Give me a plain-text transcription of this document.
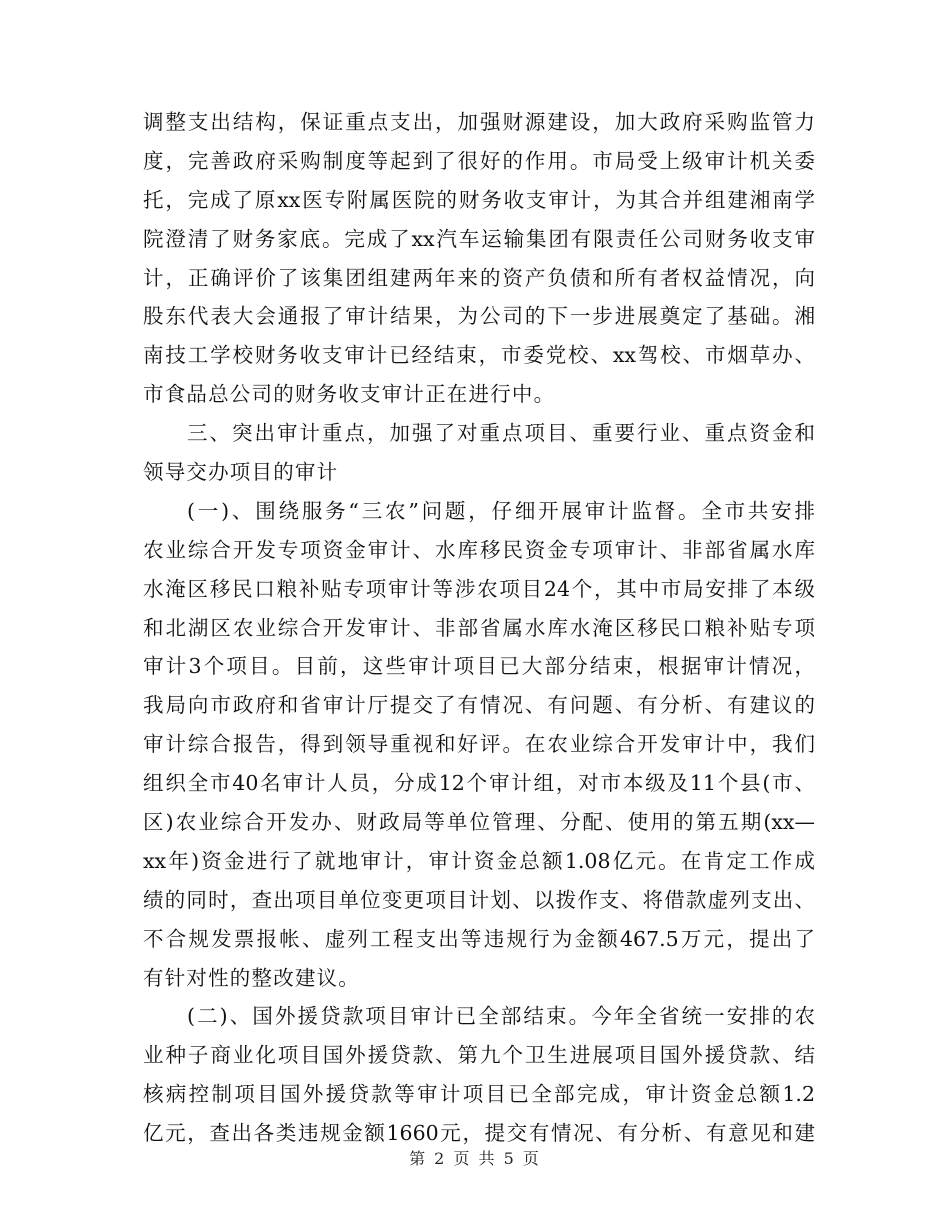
调整支出结构，保证重点支出，加强财源建设，加大政府采购监管力
度，完善政府采购制度等起到了很好的作用。市局受上级审计机关委
托，完成了原xx医专附属医院的财务收支审计，为其合并组建湘南学
院澄清了财务家底。完成了xx汽车运输集团有限责任公司财务收支审
计，正确评价了该集团组建两年来的资产负债和所有者权益情况，向
股东代表大会通报了审计结果，为公司的下一步进展奠定了基础。湘
南技工学校财务收支审计已经结束，市委党校、xx驾校、市烟草办、
市食品总公司的财务收支审计正在进行中。
三、突出审计重点，加强了对重点项目、重要行业、重点资金和
领导交办项目的审计
(一)、围绕服务“三农”问题，仔细开展审计监督。全市共安排
农业综合开发专项资金审计、水库移民资金专项审计、非部省属水库
水淹区移民口粮补贴专项审计等涉农项目24个，其中市局安排了本级
和北湖区农业综合开发审计、非部省属水库水淹区移民口粮补贴专项
审计3个项目。目前，这些审计项目已大部分结束，根据审计情况，
我局向市政府和省审计厅提交了有情况、有问题、有分析、有建议的
审计综合报告，得到领导重视和好评。在农业综合开发审计中，我们
组织全市40名审计人员，分成12个审计组，对市本级及11个县(市、
区)农业综合开发办、财政局等单位管理、分配、使用的第五期(xx—
xx年)资金进行了就地审计，审计资金总额1.08亿元。在肯定工作成
绩的同时，查出项目单位变更项目计划、以拨作支、将借款虚列支出、
不合规发票报帐、虚列工程支出等违规行为金额467.5万元，提出了
有针对性的整改建议。
(二)、国外援贷款项目审计已全部结束。今年全省统一安排的农
业种子商业化项目国外援贷款、第九个卫生进展项目国外援贷款、结
核病控制项目国外援贷款等审计项目已全部完成，审计资金总额1.2
亿元，查出各类违规金额1660元，提交有情况、有分析、有意见和建
第 2 页 共 5 页
